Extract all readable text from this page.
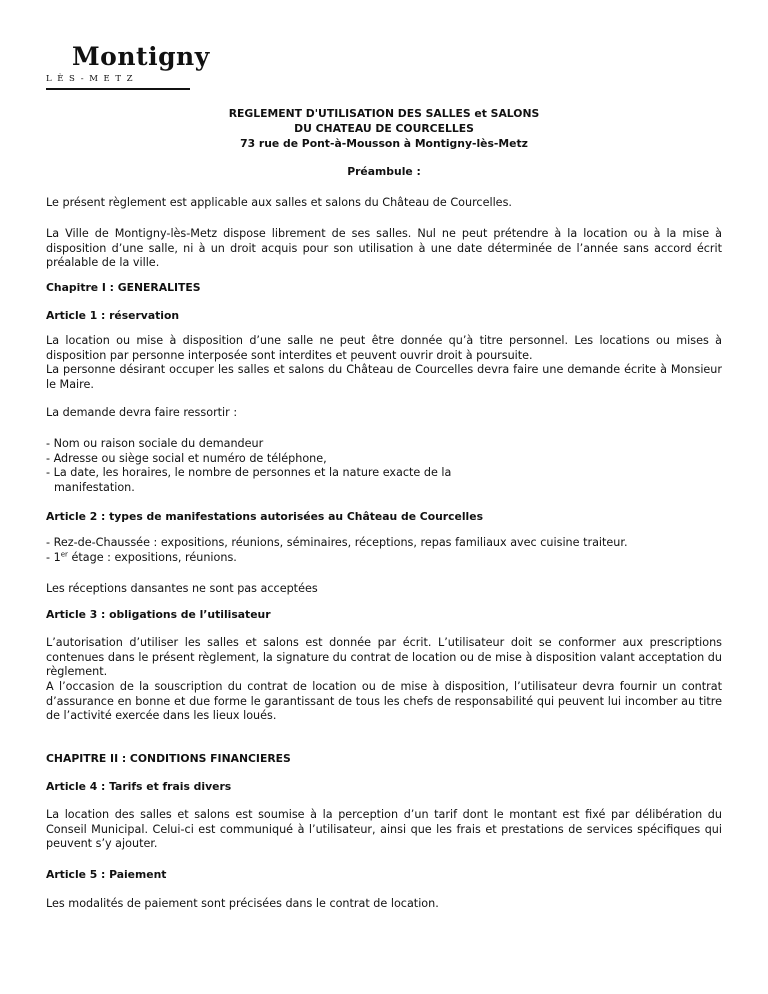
Montigny
LÈS-METZ
REGLEMENT D'UTILISATION DES SALLES et SALONS
DU CHATEAU DE COURCELLES
73 rue de Pont-à-Mousson à Montigny-lès-Metz
Préambule :
Le présent règlement est applicable aux salles et salons du Château de Courcelles.
La Ville de Montigny-lès-Metz dispose librement de ses salles. Nul ne peut prétendre à la location ou à la mise à disposition d’une salle, ni à un droit acquis pour son utilisation à une date déterminée de l’année sans accord écrit préalable de la ville.
Chapitre I : GENERALITES
Article 1 : réservation
La location ou mise à disposition d’une salle ne peut être donnée qu’à titre personnel. Les locations ou mises à disposition par personne interposée sont interdites et peuvent ouvrir droit à poursuite.
La personne désirant occuper les salles et salons du Château de Courcelles devra faire une demande écrite à Monsieur le Maire.
La demande devra faire ressortir :
- Nom ou raison sociale du demandeur
- Adresse ou siège social et numéro de téléphone,
- La date, les horaires, le nombre de personnes et la nature exacte de la
manifestation.
Article 2 : types de manifestations autorisées au Château de Courcelles
- Rez-de-Chaussée : expositions, réunions, séminaires, réceptions, repas familiaux avec cuisine traiteur.
- 1er étage : expositions, réunions.
Les réceptions dansantes ne sont pas acceptées
Article 3 : obligations de l’utilisateur
L’autorisation d’utiliser les salles et salons est donnée par écrit. L’utilisateur doit se conformer aux prescriptions contenues dans le présent règlement, la signature du contrat de location ou de mise à disposition valant acceptation du règlement.
A l’occasion de la souscription du contrat de location ou de mise à disposition, l’utilisateur devra fournir un contrat d’assurance en bonne et due forme le garantissant de tous les chefs de responsabilité qui peuvent lui incomber au titre de l’activité exercée dans les lieux loués.
CHAPITRE II : CONDITIONS FINANCIERES
Article 4 : Tarifs et frais divers
La location des salles et salons est soumise à la perception d’un tarif dont le montant est fixé par délibération du Conseil Municipal. Celui-ci est communiqué à l’utilisateur, ainsi que les frais et prestations de services spécifiques qui peuvent s’y ajouter.
Article 5 : Paiement
Les modalités de paiement sont précisées dans le contrat de location.
